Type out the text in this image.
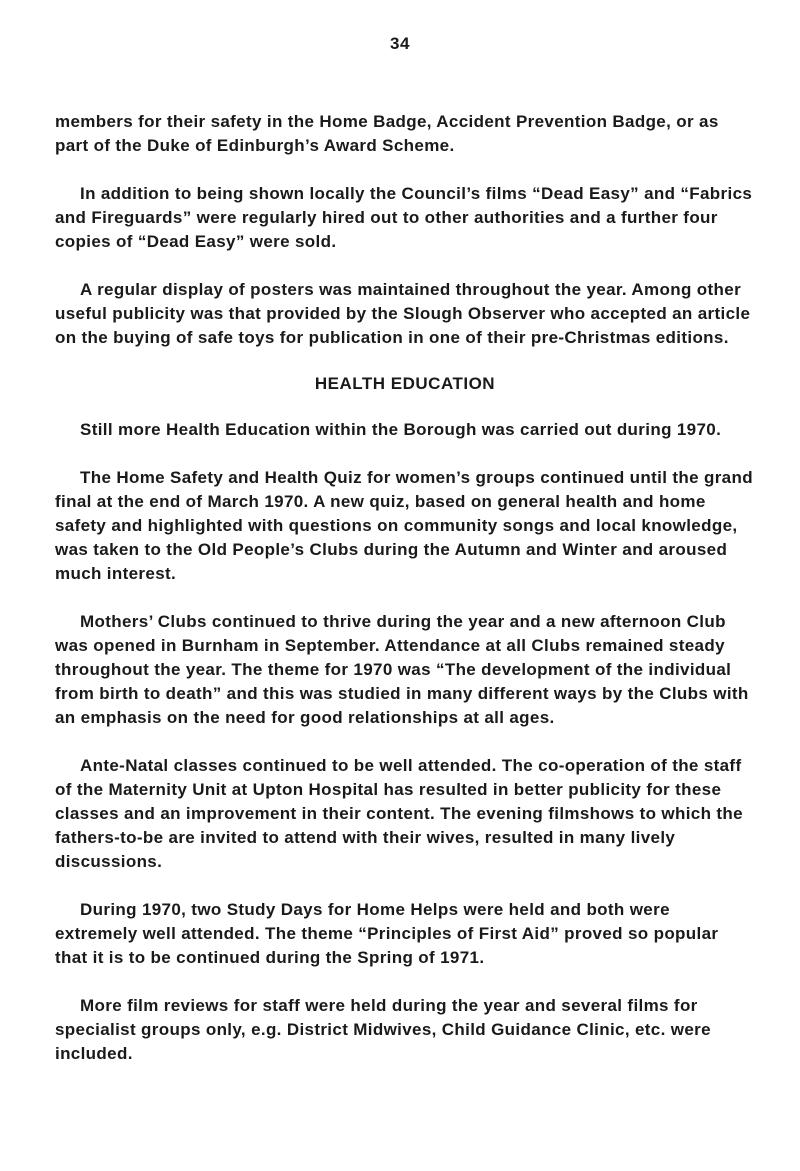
34

members for their safety in the Home Badge, Accident Prevention Badge, or as part of the Duke of Edinburgh’s Award Scheme.

In addition to being shown locally the Council’s films “Dead Easy” and “Fabrics and Fireguards” were regularly hired out to other authorities and a further four copies of “Dead Easy” were sold.

A regular display of posters was maintained throughout the year. Among other useful publicity was that provided by the Slough Observer who accepted an article on the buying of safe toys for publication in one of their pre-Christmas editions.

HEALTH EDUCATION

Still more Health Education within the Borough was carried out during 1970.

The Home Safety and Health Quiz for women’s groups continued until the grand final at the end of March 1970. A new quiz, based on general health and home safety and highlighted with questions on community songs and local knowledge, was taken to the Old People’s Clubs during the Autumn and Winter and aroused much interest.

Mothers’ Clubs continued to thrive during the year and a new afternoon Club was opened in Burnham in September. Attendance at all Clubs remained steady throughout the year. The theme for 1970 was “The development of the individual from birth to death” and this was studied in many different ways by the Clubs with an emphasis on the need for good relationships at all ages.

Ante-Natal classes continued to be well attended. The co-operation of the staff of the Maternity Unit at Upton Hospital has resulted in better publicity for these classes and an improvement in their content. The evening filmshows to which the fathers-to-be are invited to attend with their wives, resulted in many lively discussions.

During 1970, two Study Days for Home Helps were held and both were extremely well attended. The theme “Principles of First Aid” proved so popular that it is to be continued during the Spring of 1971.

More film reviews for staff were held during the year and several films for specialist groups only, e.g. District Midwives, Child Guidance Clinic, etc. were included.
